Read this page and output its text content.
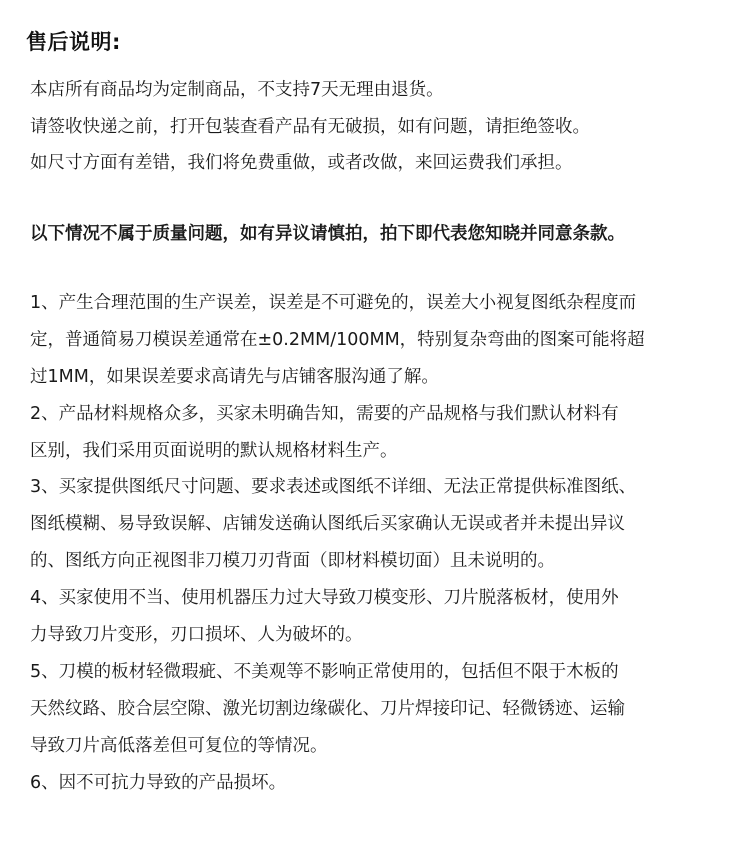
售后说明:
本店所有商品均为定制商品，不支持7天无理由退货。
请签收快递之前，打开包装查看产品有无破损，如有问题，请拒绝签收。
如尺寸方面有差错，我们将免费重做，或者改做，来回运费我们承担。
以下情况不属于质量问题，如有异议请慎拍，拍下即代表您知晓并同意条款。
1、产生合理范围的生产误差，误差是不可避免的，误差大小视复图纸杂程度而
定，普通简易刀模误差通常在±0.2MM/100MM，特别复杂弯曲的图案可能将超
过1MM，如果误差要求高请先与店铺客服沟通了解。
2、产品材料规格众多，买家未明确告知，需要的产品规格与我们默认材料有
区别，我们采用页面说明的默认规格材料生产。
3、买家提供图纸尺寸问题、要求表述或图纸不详细、无法正常提供标准图纸、
图纸模糊、易导致误解、店铺发送确认图纸后买家确认无误或者并未提出异议
的、图纸方向正视图非刀模刀刃背面（即材料模切面）且未说明的。
4、买家使用不当、使用机器压力过大导致刀模变形、刀片脱落板材，使用外
力导致刀片变形，刃口损坏、人为破坏的。
5、刀模的板材轻微瑕疵、不美观等不影响正常使用的，包括但不限于木板的
天然纹路、胶合层空隙、激光切割边缘碳化、刀片焊接印记、轻微锈迹、运输
导致刀片高低落差但可复位的等情况。
6、因不可抗力导致的产品损坏。
